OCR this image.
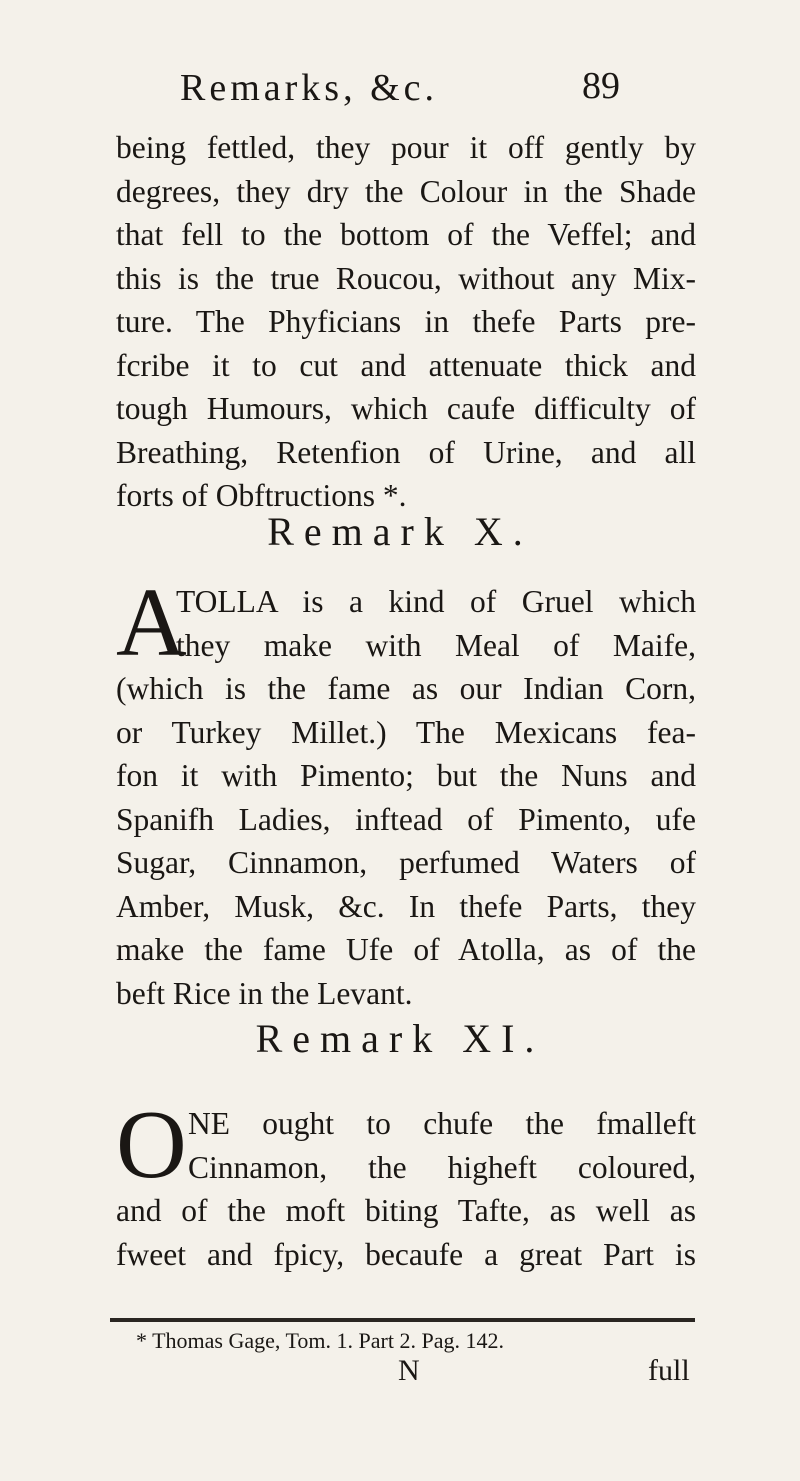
Remarks, &c.	89
being fettled, they pour it off gently by
degrees, they dry the Colour in the Shade
that fell to the bottom of the Veffel; and
this is the true Roucou, without any Mix-
ture. The Phyficians in thefe Parts pre-
fcribe it to cut and attenuate thick and
tough Humours, which caufe difficulty of
Breathing, Retenfion of Urine, and all
forts of Obftructions *.
Remark X.
A
TOLLA is a kind of Gruel which
they make with Meal of Maife,
(which is the fame as our Indian Corn,
or Turkey Millet.) The Mexicans fea-
fon it with Pimento; but the Nuns and
Spanifh Ladies, inftead of Pimento, ufe
Sugar, Cinnamon, perfumed Waters of
Amber, Musk, &c. In thefe Parts, they
make the fame Ufe of Atolla, as of the
beft Rice in the Levant.
Remark XI.
O NE ought to chufe the fmalleft
Cinnamon, the higheft coloured,
and of the moft biting Tafte, as well as
fweet and fpicy, becaufe a great Part is
* Thomas Gage, Tom. 1. Part 2. Pag. 142.
N	full
